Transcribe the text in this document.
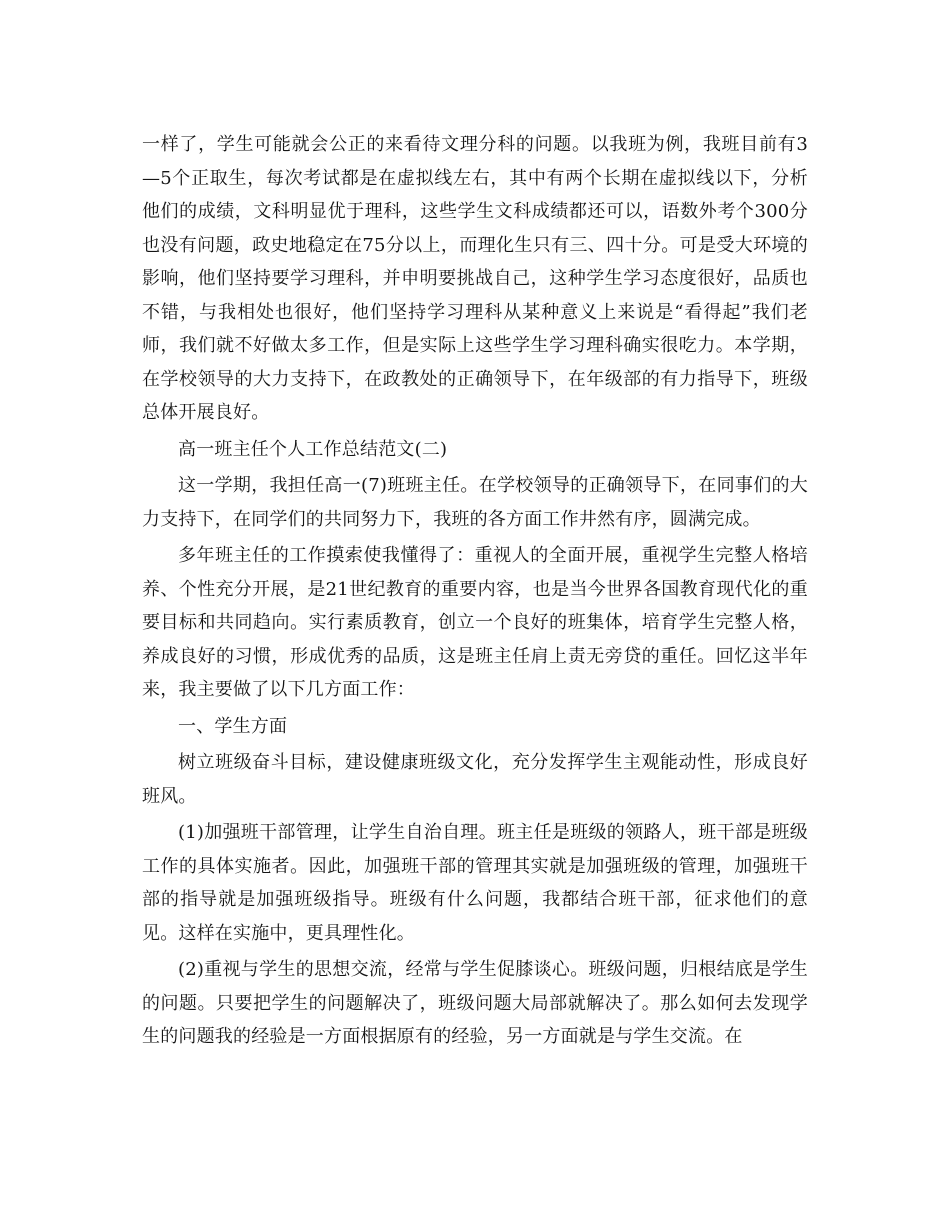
一样了，学生可能就会公正的来看待文理分科的问题。以我班为例，我班目前有3—5个正取生，每次考试都是在虚拟线左右，其中有两个长期在虚拟线以下，分析他们的成绩，文科明显优于理科，这些学生文科成绩都还可以，语数外考个300分也没有问题，政史地稳定在75分以上，而理化生只有三、四十分。可是受大环境的影响，他们坚持要学习理科，并申明要挑战自己，这种学生学习态度很好，品质也不错，与我相处也很好，他们坚持学习理科从某种意义上来说是“看得起”我们老师，我们就不好做太多工作，但是实际上这些学生学习理科确实很吃力。本学期，在学校领导的大力支持下，在政教处的正确领导下，在年级部的有力指导下，班级总体开展良好。

高一班主任个人工作总结范文(二)

这一学期，我担任高一(7)班班主任。在学校领导的正确领导下，在同事们的大力支持下，在同学们的共同努力下，我班的各方面工作井然有序，圆满完成。

多年班主任的工作摸索使我懂得了：重视人的全面开展，重视学生完整人格培养、个性充分开展，是21世纪教育的重要内容，也是当今世界各国教育现代化的重要目标和共同趋向。实行素质教育，创立一个良好的班集体，培育学生完整人格，养成良好的习惯，形成优秀的品质，这是班主任肩上责无旁贷的重任。回忆这半年来，我主要做了以下几方面工作：

一、学生方面

树立班级奋斗目标，建设健康班级文化，充分发挥学生主观能动性，形成良好班风。

(1)加强班干部管理，让学生自治自理。班主任是班级的领路人，班干部是班级工作的具体实施者。因此，加强班干部的管理其实就是加强班级的管理，加强班干部的指导就是加强班级指导。班级有什么问题，我都结合班干部，征求他们的意见。这样在实施中，更具理性化。

(2)重视与学生的思想交流，经常与学生促膝谈心。班级问题，归根结底是学生的问题。只要把学生的问题解决了，班级问题大局部就解决了。那么如何去发现学生的问题我的经验是一方面根据原有的经验，另一方面就是与学生交流。在
